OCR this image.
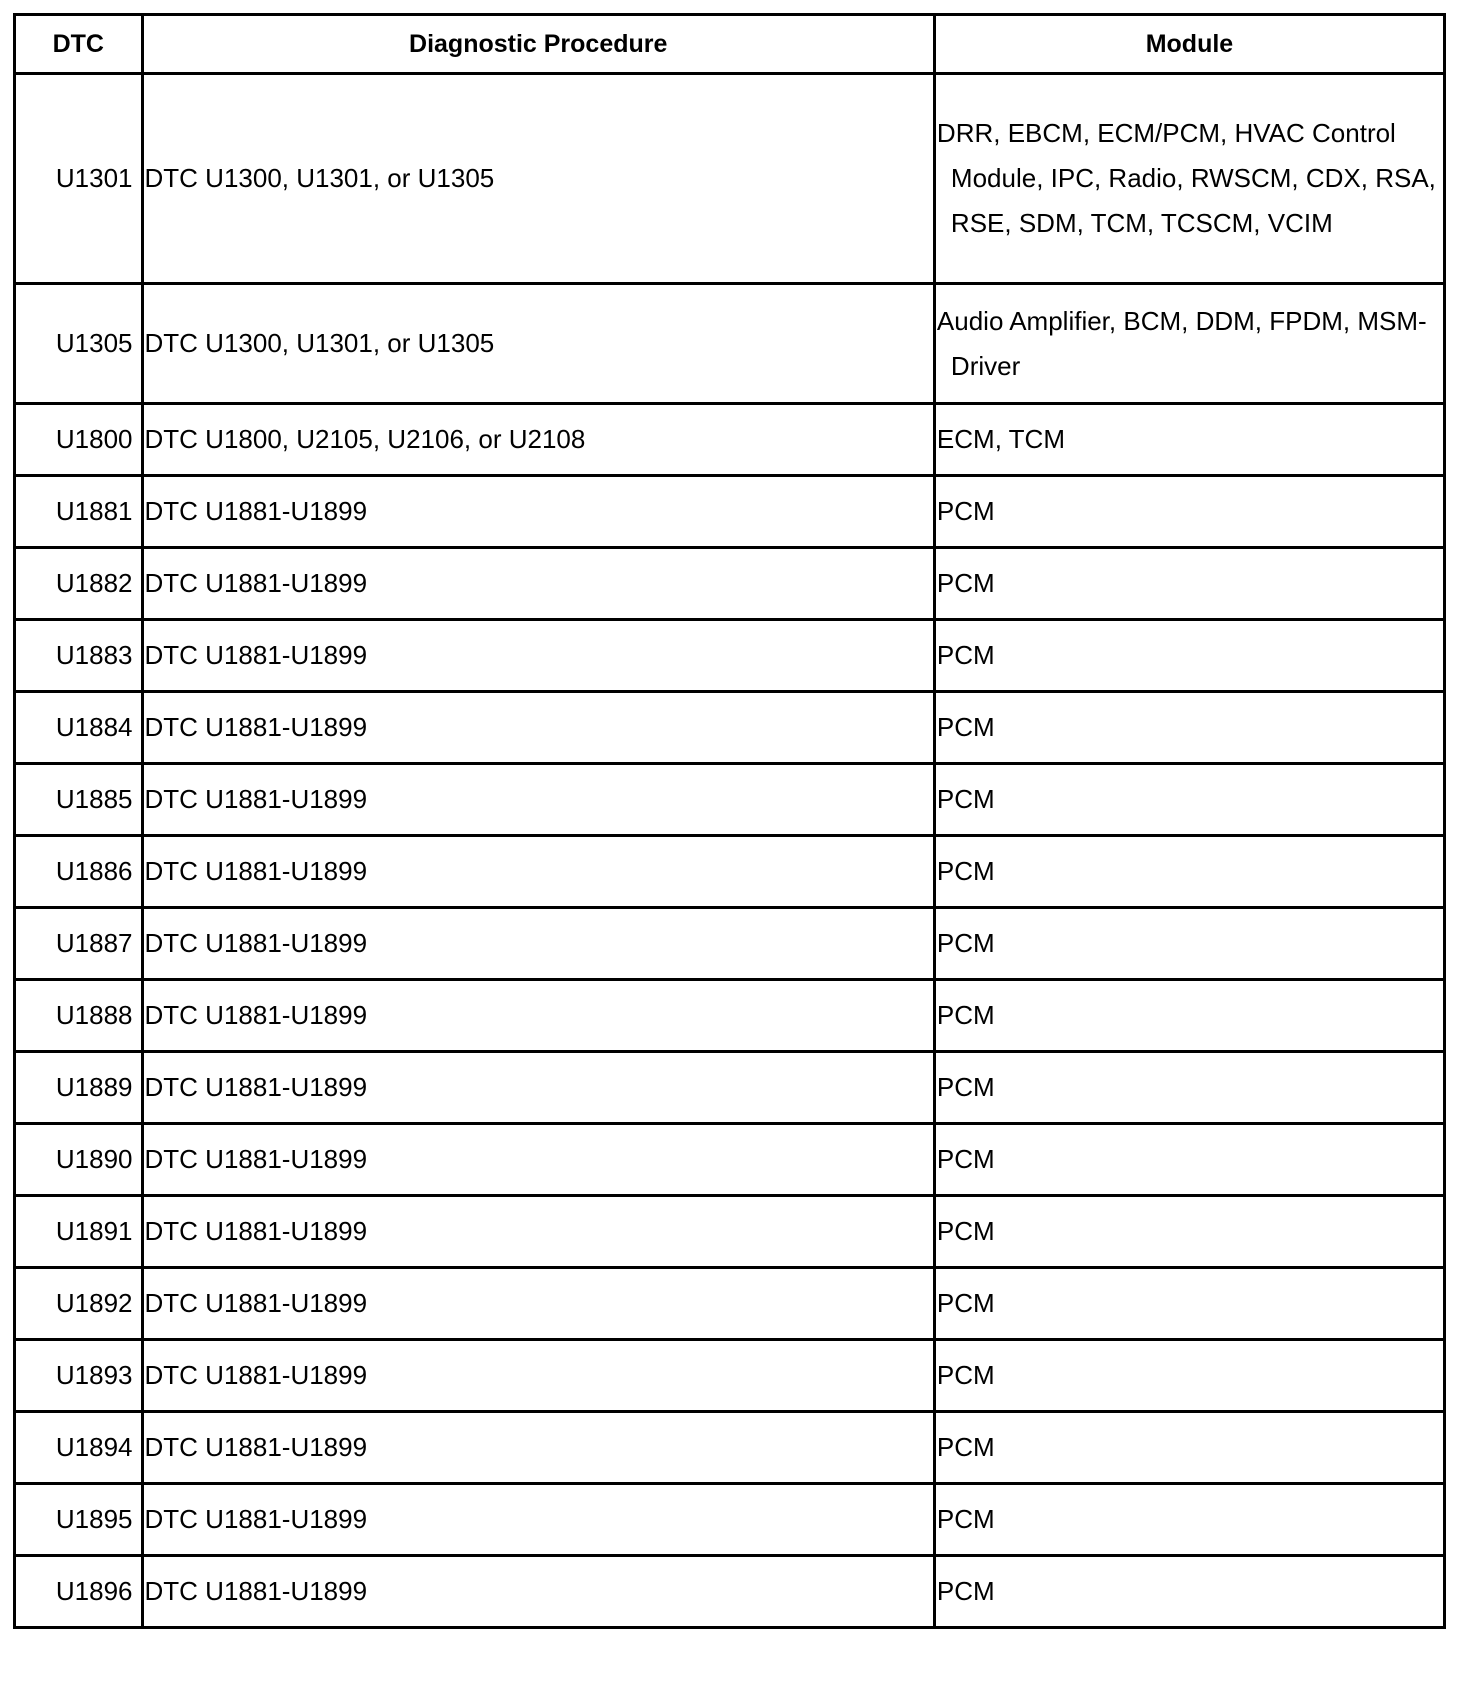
DTC	Diagnostic Procedure	Module
U1301	DTC U1300, U1301, or U1305	DRR, EBCM, ECM/PCM, HVAC Control Module, IPC, Radio, RWSCM, CDX, RSA, RSE, SDM, TCM, TCSCM, VCIM

U1305	DTC U1300, U1301, or U1305	Audio Amplifier, BCM, DDM, FPDM, MSM-Driver

U1800	DTC U1800, U2105, U2106, or U2108	ECM, TCM
U1881	DTC U1881-U1899	PCM
U1882	DTC U1881-U1899	PCM
U1883	DTC U1881-U1899	PCM
U1884	DTC U1881-U1899	PCM
U1885	DTC U1881-U1899	PCM
U1886	DTC U1881-U1899	PCM
U1887	DTC U1881-U1899	PCM
U1888	DTC U1881-U1899	PCM
U1889	DTC U1881-U1899	PCM
U1890	DTC U1881-U1899	PCM
U1891	DTC U1881-U1899	PCM
U1892	DTC U1881-U1899	PCM
U1893	DTC U1881-U1899	PCM
U1894	DTC U1881-U1899	PCM
U1895	DTC U1881-U1899	PCM
U1896	DTC U1881-U1899	PCM
